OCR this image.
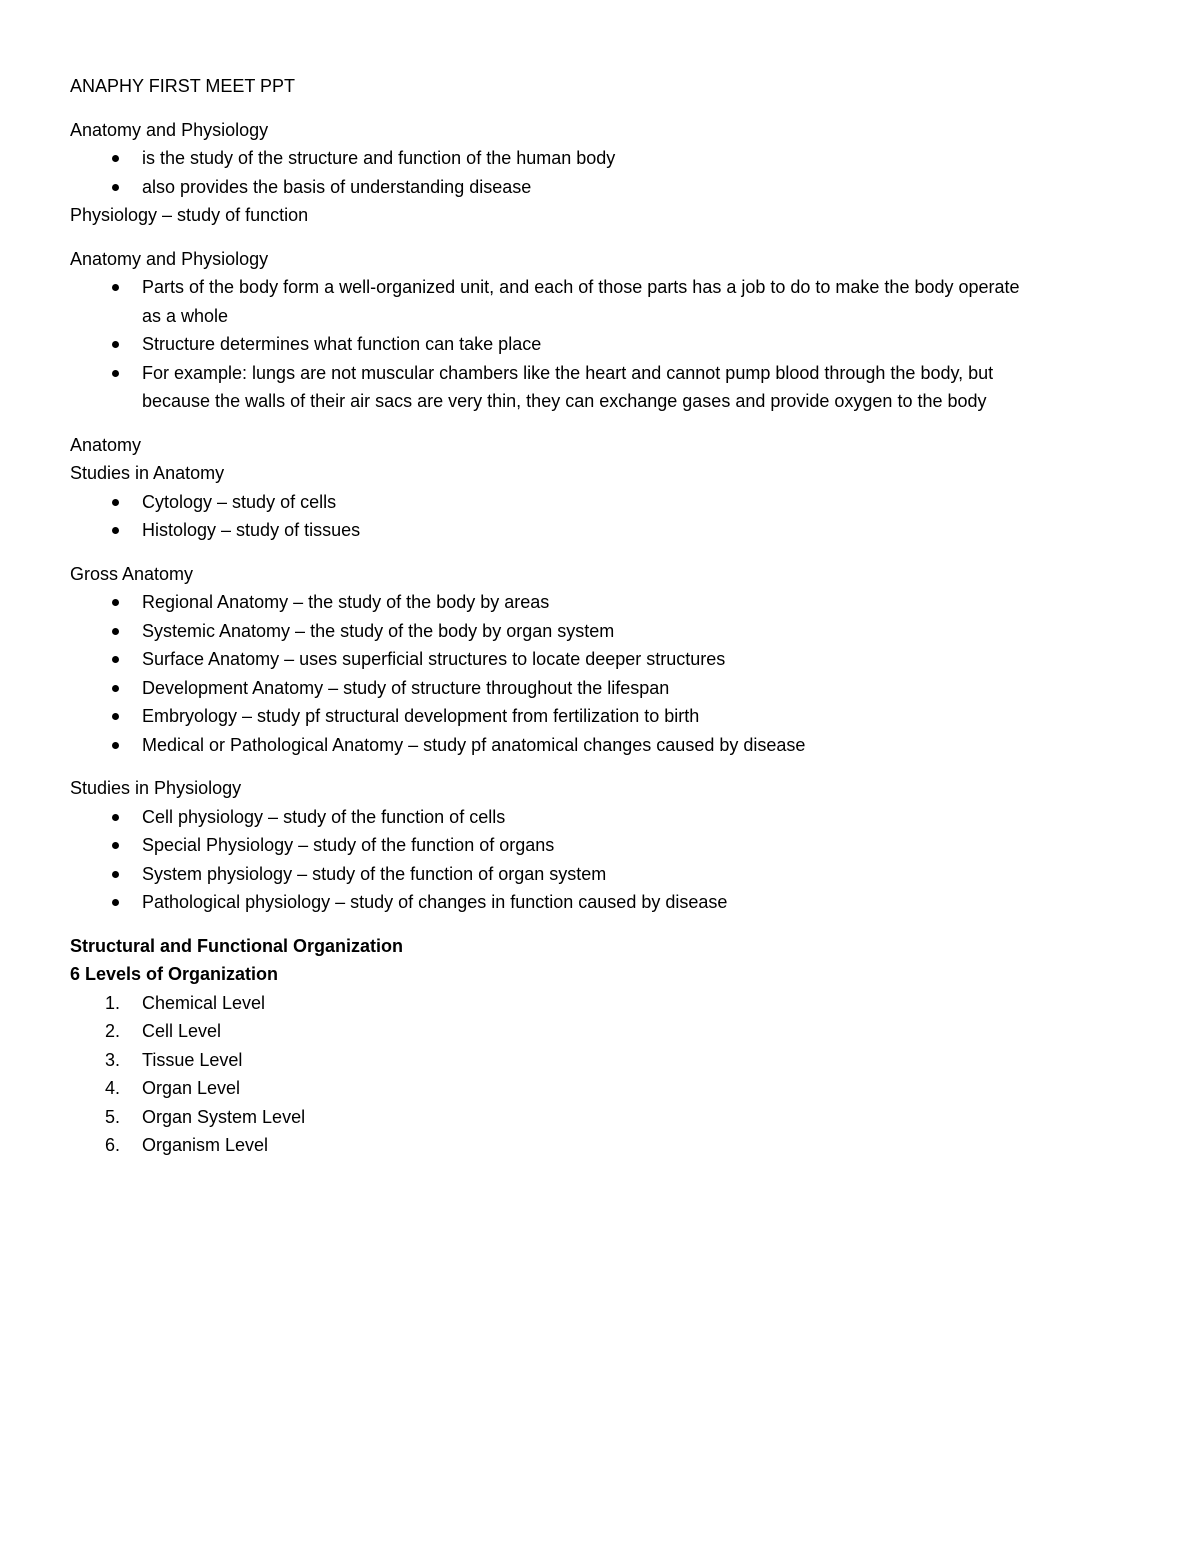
ANAPHY FIRST MEET PPT

Anatomy and Physiology

is the study of the structure and function of the human body
also provides the basis of understanding disease

Physiology – study of function

Anatomy and Physiology

Parts of the body form a well-organized unit, and each of those parts has a job to do to make the body operate
as a whole
Structure determines what function can take place
For example: lungs are not muscular chambers like the heart and cannot pump blood through the body, but
because the walls of their air sacs are very thin, they can exchange gases and provide oxygen to the body

Anatomy

Studies in Anatomy

Cytology – study of cells
Histology – study of tissues

Gross Anatomy

Regional Anatomy – the study of the body by areas
Systemic Anatomy – the study of the body by organ system
Surface Anatomy – uses superficial structures to locate deeper structures
Development Anatomy – study of structure throughout the lifespan
Embryology – study pf structural development from fertilization to birth
Medical or Pathological Anatomy – study pf anatomical changes caused by disease

Studies in Physiology

Cell physiology – study of the function of cells
Special Physiology – study of the function of organs
System physiology – study of the function of organ system
Pathological physiology – study of changes in function caused by disease

Structural and Functional Organization

6 Levels of Organization

1.	Chemical Level
2.	Cell Level
3.	Tissue Level
4.	Organ Level
5.	Organ System Level
6.	Organism Level
